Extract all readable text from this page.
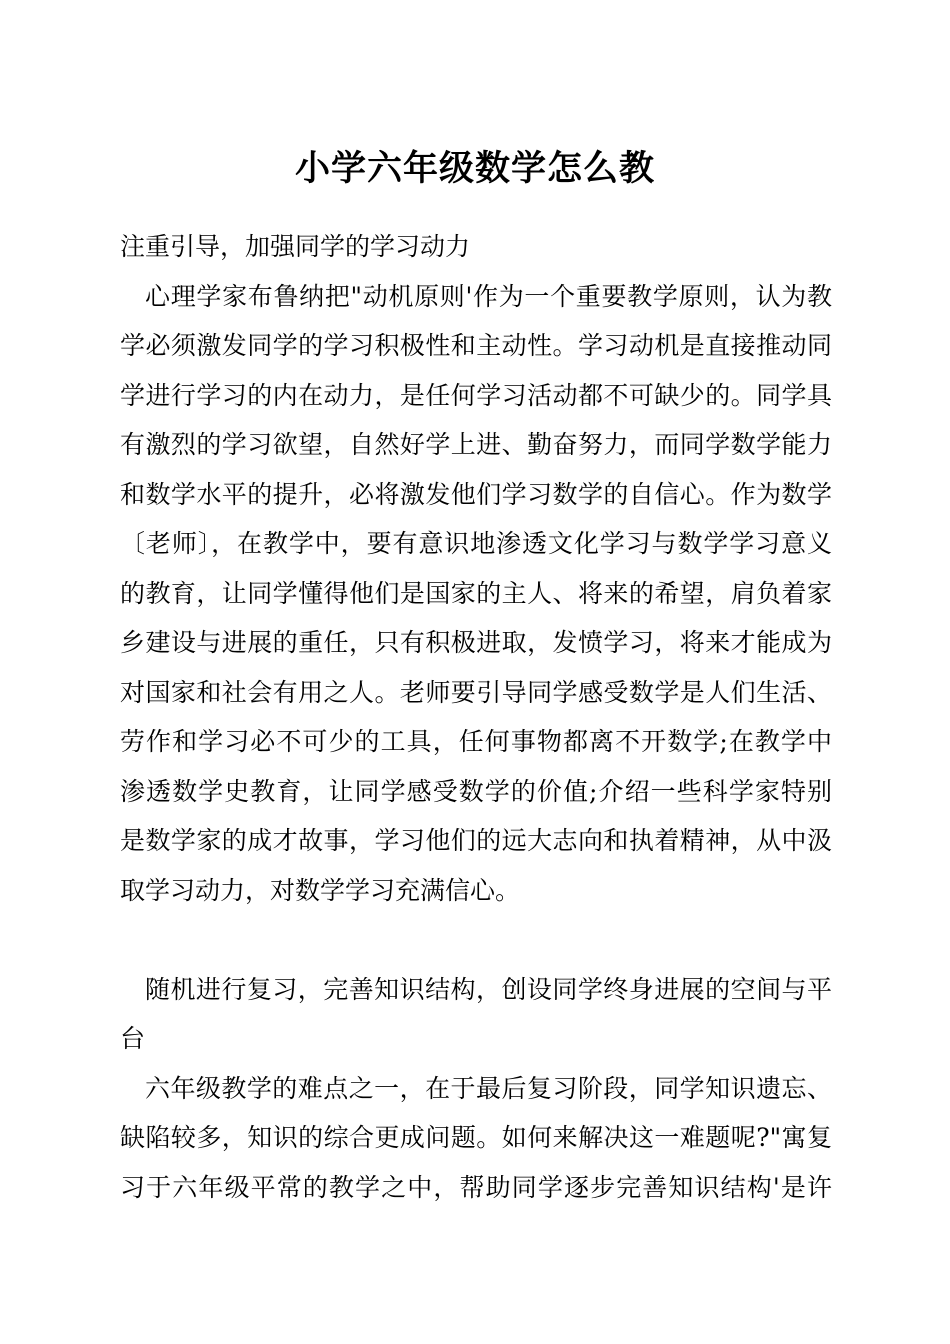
小学六年级数学怎么教
注重引导，加强同学的学习动力
心理学家布鲁纳把"动机原则'作为一个重要教学原则，认为教
学必须激发同学的学习积极性和主动性。学习动机是直接推动同
学进行学习的内在动力，是任何学习活动都不可缺少的。同学具
有激烈的学习欲望，自然好学上进、勤奋努力，而同学数学能力
和数学水平的提升，必将激发他们学习数学的自信心。作为数学
〔老师〕，在教学中，要有意识地渗透文化学习与数学学习意义
的教育，让同学懂得他们是国家的主人、将来的希望，肩负着家
乡建设与进展的重任，只有积极进取，发愤学习，将来才能成为
对国家和社会有用之人。老师要引导同学感受数学是人们生活、
劳作和学习必不可少的工具，任何事物都离不开数学;在教学中
渗透数学史教育，让同学感受数学的价值;介绍一些科学家特别
是数学家的成才故事，学习他们的远大志向和执着精神，从中汲
取学习动力，对数学学习充满信心。
随机进行复习，完善知识结构，创设同学终身进展的空间与平
台
六年级教学的难点之一，在于最后复习阶段，同学知识遗忘、
缺陷较多，知识的综合更成问题。如何来解决这一难题呢?"寓复
习于六年级平常的教学之中，帮助同学逐步完善知识结构'是许
